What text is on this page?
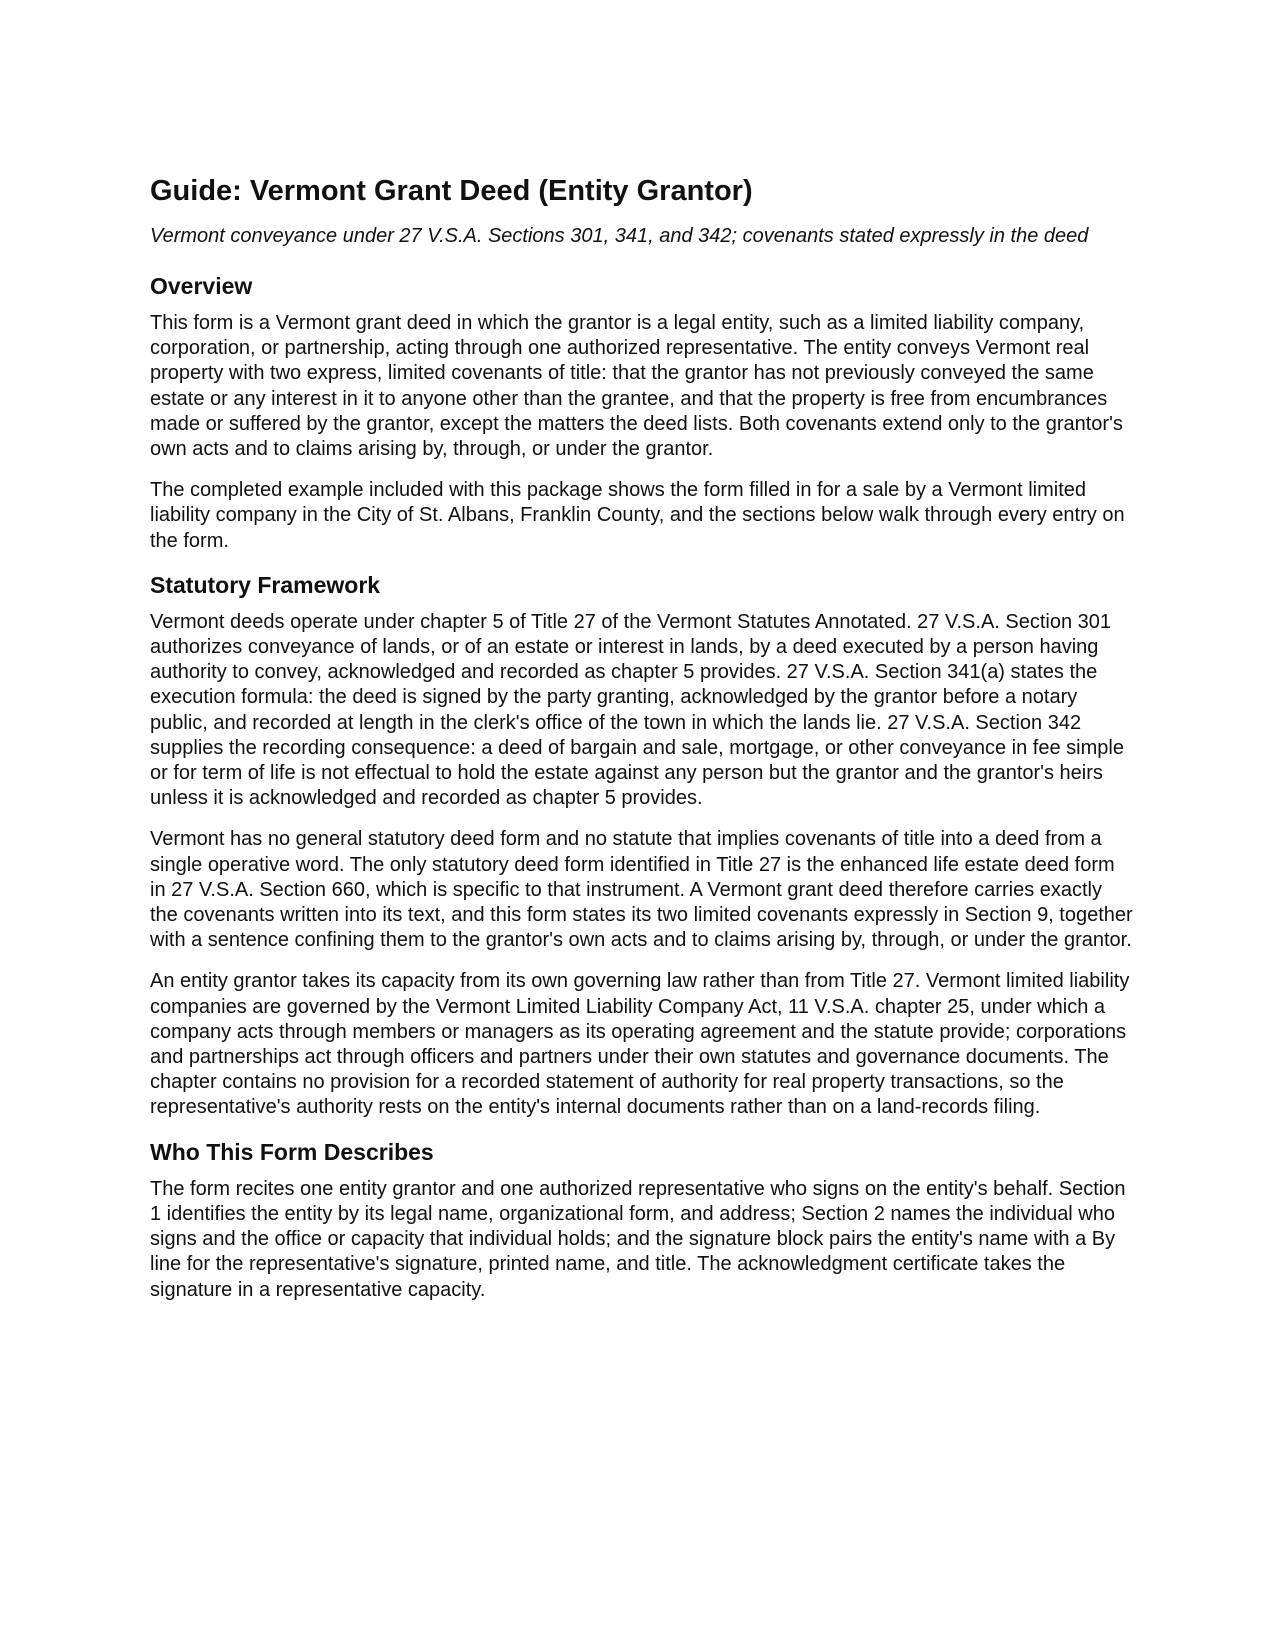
Guide: Vermont Grant Deed (Entity Grantor)
Vermont conveyance under 27 V.S.A. Sections 301, 341, and 342; covenants stated expressly in the deed
Overview

This form is a Vermont grant deed in which the grantor is a legal entity, such as a limited liability company, corporation, or partnership, acting through one authorized representative. The entity conveys Vermont real property with two express, limited covenants of title: that the grantor has not previously conveyed the same estate or any interest in it to anyone other than the grantee, and that the property is free from encumbrances made or suffered by the grantor, except the matters the deed lists. Both covenants extend only to the grantor's own acts and to claims arising by, through, or under the grantor.

The completed example included with this package shows the form filled in for a sale by a Vermont limited liability company in the City of St. Albans, Franklin County, and the sections below walk through every entry on the form.

Statutory Framework

Vermont deeds operate under chapter 5 of Title 27 of the Vermont Statutes Annotated. 27 V.S.A. Section 301 authorizes conveyance of lands, or of an estate or interest in lands, by a deed executed by a person having authority to convey, acknowledged and recorded as chapter 5 provides. 27 V.S.A. Section 341(a) states the execution formula: the deed is signed by the party granting, acknowledged by the grantor before a notary public, and recorded at length in the clerk's office of the town in which the lands lie. 27 V.S.A. Section 342 supplies the recording consequence: a deed of bargain and sale, mortgage, or other conveyance in fee simple or for term of life is not effectual to hold the estate against any person but the grantor and the grantor's heirs unless it is acknowledged and recorded as chapter 5 provides.

Vermont has no general statutory deed form and no statute that implies covenants of title into a deed from a single operative word. The only statutory deed form identified in Title 27 is the enhanced life estate deed form in 27 V.S.A. Section 660, which is specific to that instrument. A Vermont grant deed therefore carries exactly the covenants written into its text, and this form states its two limited covenants expressly in Section 9, together with a sentence confining them to the grantor's own acts and to claims arising by, through, or under the grantor.

An entity grantor takes its capacity from its own governing law rather than from Title 27. Vermont limited liability companies are governed by the Vermont Limited Liability Company Act, 11 V.S.A. chapter 25, under which a company acts through members or managers as its operating agreement and the statute provide; corporations and partnerships act through officers and partners under their own statutes and governance documents. The chapter contains no provision for a recorded statement of authority for real property transactions, so the representative's authority rests on the entity's internal documents rather than on a land-records filing.

Who This Form Describes

The form recites one entity grantor and one authorized representative who signs on the entity's behalf. Section 1 identifies the entity by its legal name, organizational form, and address; Section 2 names the individual who signs and the office or capacity that individual holds; and the signature block pairs the entity's name with a By line for the representative's signature, printed name, and title. The acknowledgment certificate takes the signature in a representative capacity.
